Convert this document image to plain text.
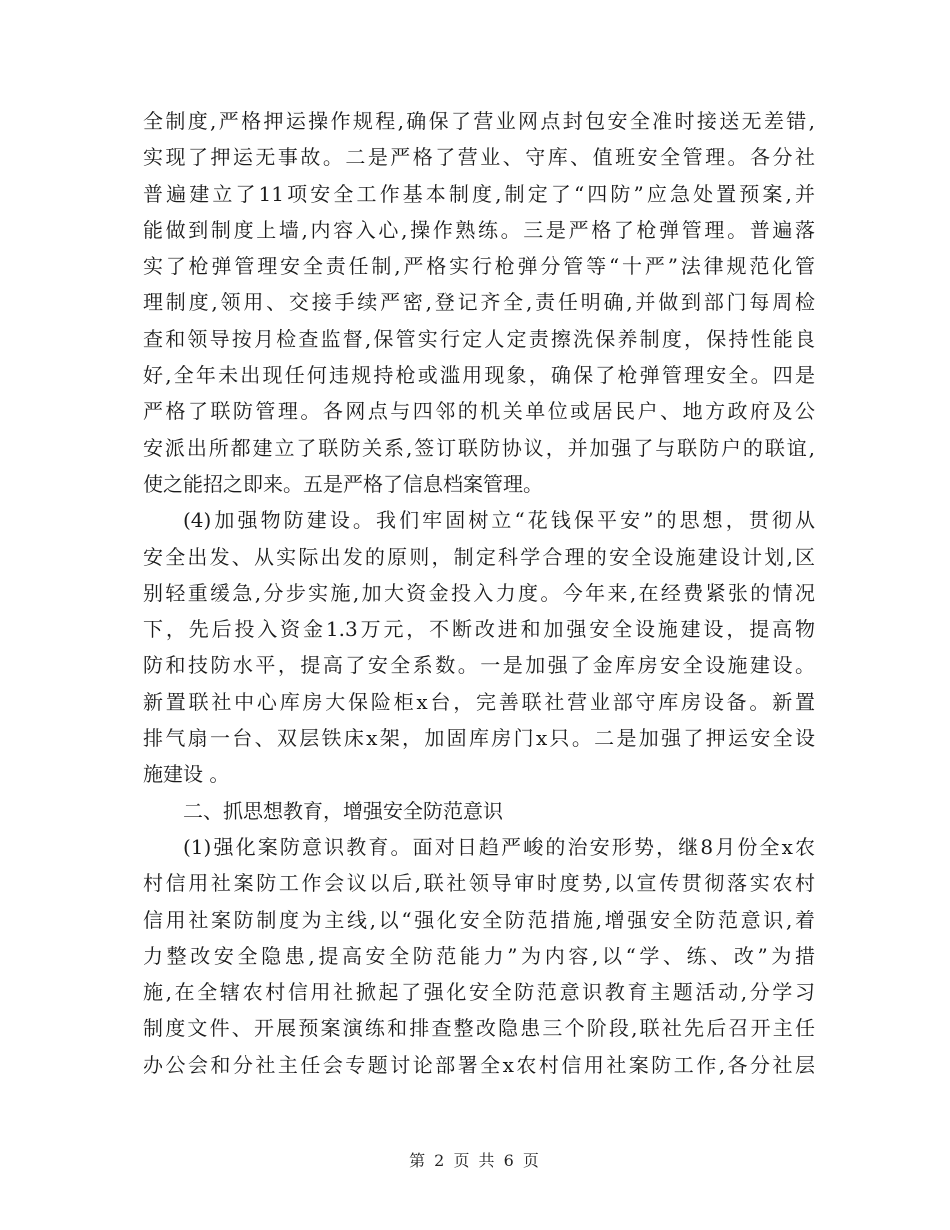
全制度,严格押运操作规程,确保了营业网点封包安全准时接送无差错,
实现了押运无事故。二是严格了营业、守库、值班安全管理。各分社
普遍建立了11项安全工作基本制度,制定了“四防”应急处置预案,并
能做到制度上墙,内容入心,操作熟练。三是严格了枪弹管理。普遍落
实了枪弹管理安全责任制,严格实行枪弹分管等“十严”法律规范化管
理制度,领用、交接手续严密,登记齐全,责任明确,并做到部门每周检
查和领导按月检查监督,保管实行定人定责擦洗保养制度，保持性能良
好,全年未出现任何违规持枪或滥用现象，确保了枪弹管理安全。四是
严格了联防管理。各网点与四邻的机关单位或居民户、地方政府及公
安派出所都建立了联防关系,签订联防协议，并加强了与联防户的联谊,
使之能招之即来。五是严格了信息档案管理。
(4)加强物防建设。我们牢固树立“花钱保平安”的思想，贯彻从
安全出发、从实际出发的原则，制定科学合理的安全设施建设计划,区
别轻重缓急,分步实施,加大资金投入力度。今年来,在经费紧张的情况
下，先后投入资金1.3万元，不断改进和加强安全设施建设，提高物
防和技防水平，提高了安全系数。一是加强了金库房安全设施建设。
新置联社中心库房大保险柜x台，完善联社营业部守库房设备。新置
排气扇一台、双层铁床x架，加固库房门x只。二是加强了押运安全设
施建设 。
二、抓思想教育，增强安全防范意识
(1)强化案防意识教育。面对日趋严峻的治安形势，继8月份全x农
村信用社案防工作会议以后,联社领导审时度势,以宣传贯彻落实农村
信用社案防制度为主线,以“强化安全防范措施,增强安全防范意识,着
力整改安全隐患,提高安全防范能力”为内容,以“学、练、改”为措
施,在全辖农村信用社掀起了强化安全防范意识教育主题活动,分学习
制度文件、开展预案演练和排查整改隐患三个阶段,联社先后召开主任
办公会和分社主任会专题讨论部署全x农村信用社案防工作,各分社层
第 2 页 共 6 页
